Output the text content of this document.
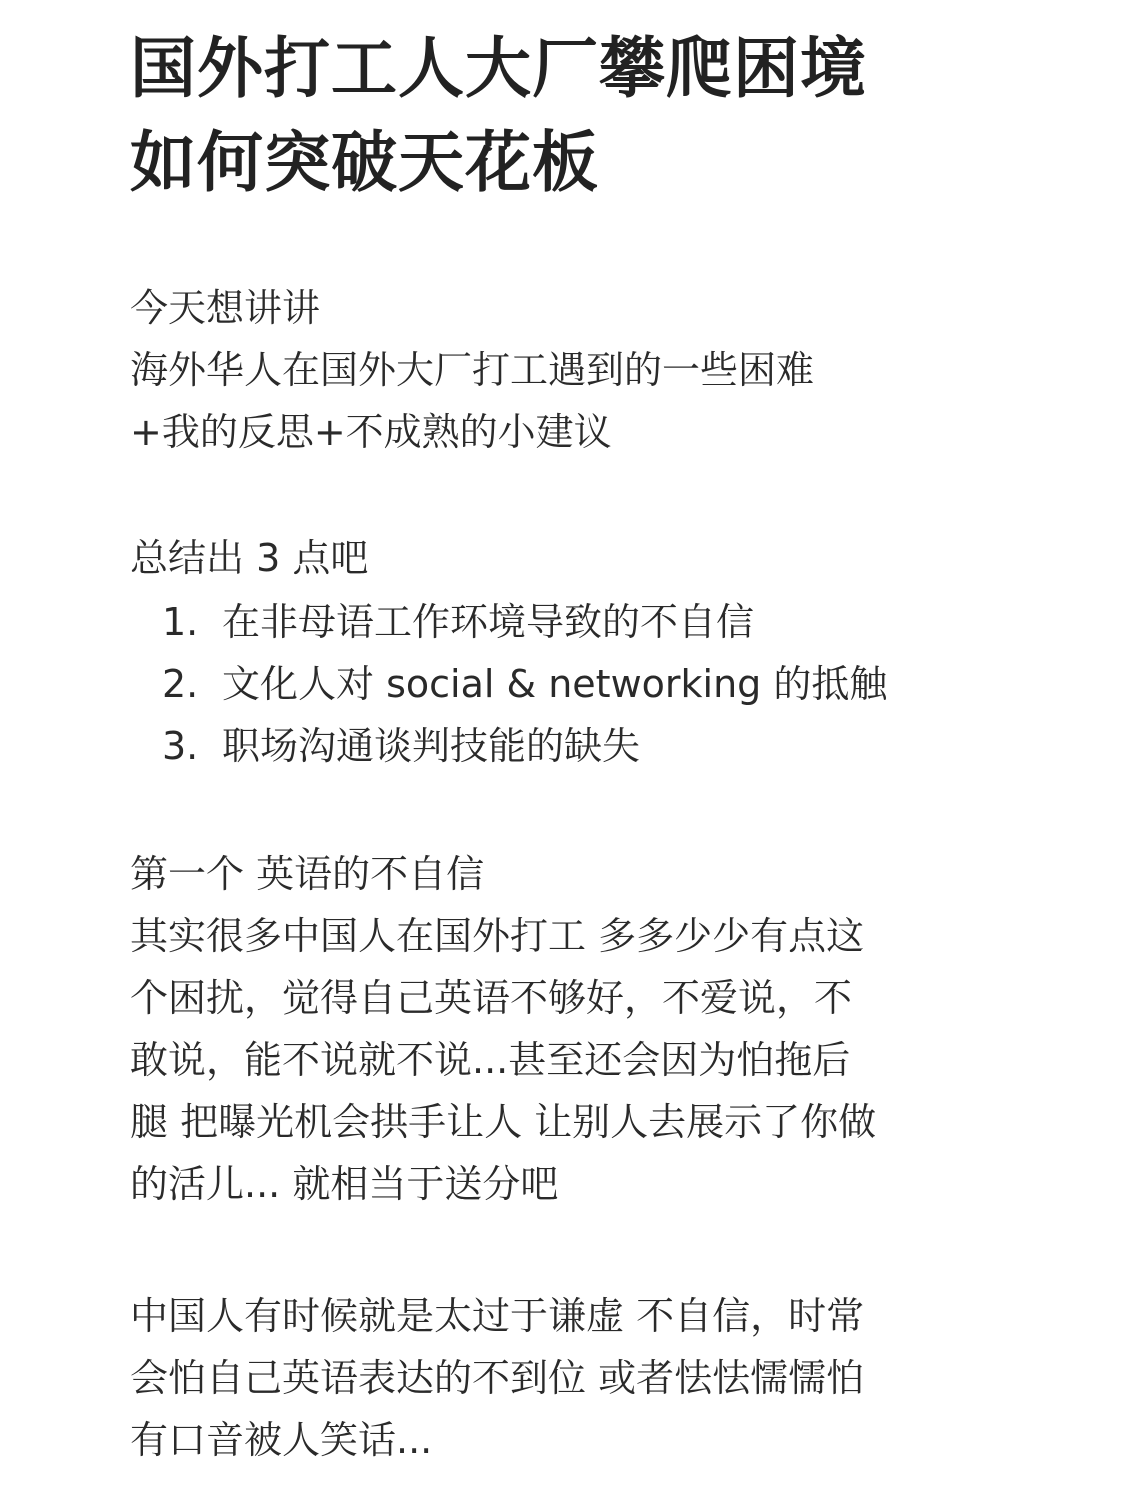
国外打工人大厂攀爬困境
如何突破天花板
今天想讲讲
海外华人在国外大厂打工遇到的一些困难
+我的反思+不成熟的小建议
总结出 3 点吧
1. 在非母语工作环境导致的不自信
2. 文化人对 social & networking 的抵触
3. 职场沟通谈判技能的缺失
第一个 英语的不自信
其实很多中国人在国外打工 多多少少有点这
个困扰，觉得自己英语不够好，不爱说，不
敢说，能不说就不说...甚至还会因为怕拖后
腿 把曝光机会拱手让人 让别人去展示了你做
的活儿... 就相当于送分吧
中国人有时候就是太过于谦虚 不自信，时常
会怕自己英语表达的不到位 或者怯怯懦懦怕
有口音被人笑话...
